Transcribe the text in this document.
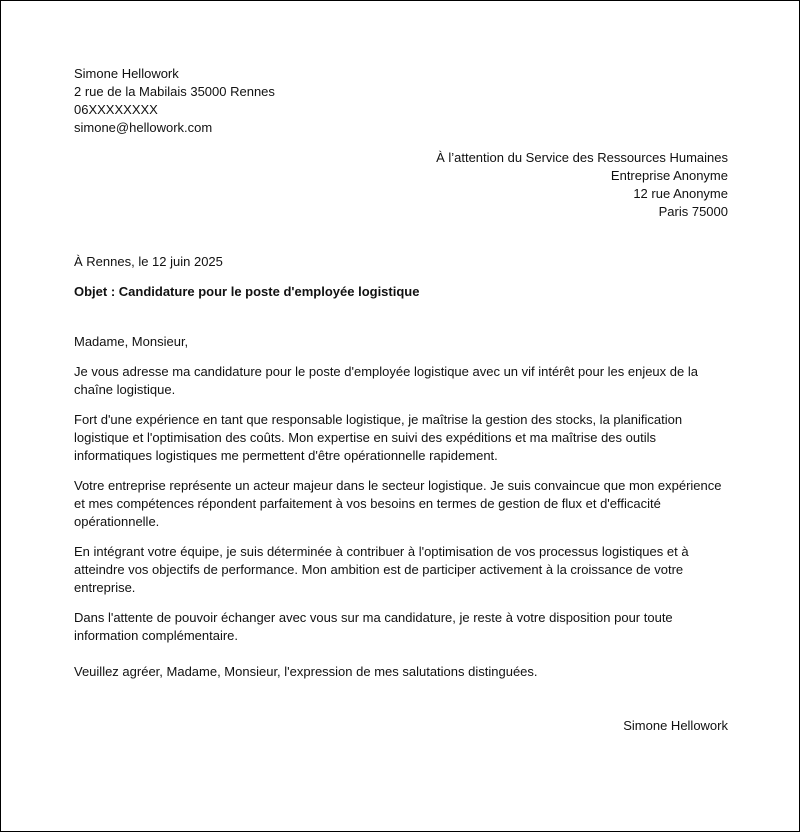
Simone Hellowork
2 rue de la Mabilais 35000 Rennes
06XXXXXXXX
simone@hellowork.com
À l’attention du Service des Ressources Humaines
Entreprise Anonyme
12 rue Anonyme
Paris 75000
À Rennes, le 12 juin 2025
Objet : Candidature pour le poste d'employée logistique
Madame, Monsieur,

Je vous adresse ma candidature pour le poste d'employée logistique avec un vif intérêt pour les enjeux de la chaîne logistique.

Fort d'une expérience en tant que responsable logistique, je maîtrise la gestion des stocks, la planification logistique et l'optimisation des coûts. Mon expertise en suivi des expéditions et ma maîtrise des outils informatiques logistiques me permettent d'être opérationnelle rapidement.

Votre entreprise représente un acteur majeur dans le secteur logistique. Je suis convaincue que mon expérience et mes compétences répondent parfaitement à vos besoins en termes de gestion de flux et d'efficacité opérationnelle.

En intégrant votre équipe, je suis déterminée à contribuer à l'optimisation de vos processus logistiques et à atteindre vos objectifs de performance. Mon ambition est de participer activement à la croissance de votre entreprise.

Dans l'attente de pouvoir échanger avec vous sur ma candidature, je reste à votre disposition pour toute information complémentaire.

Veuillez agréer, Madame, Monsieur, l'expression de mes salutations distinguées.
Simone Hellowork
